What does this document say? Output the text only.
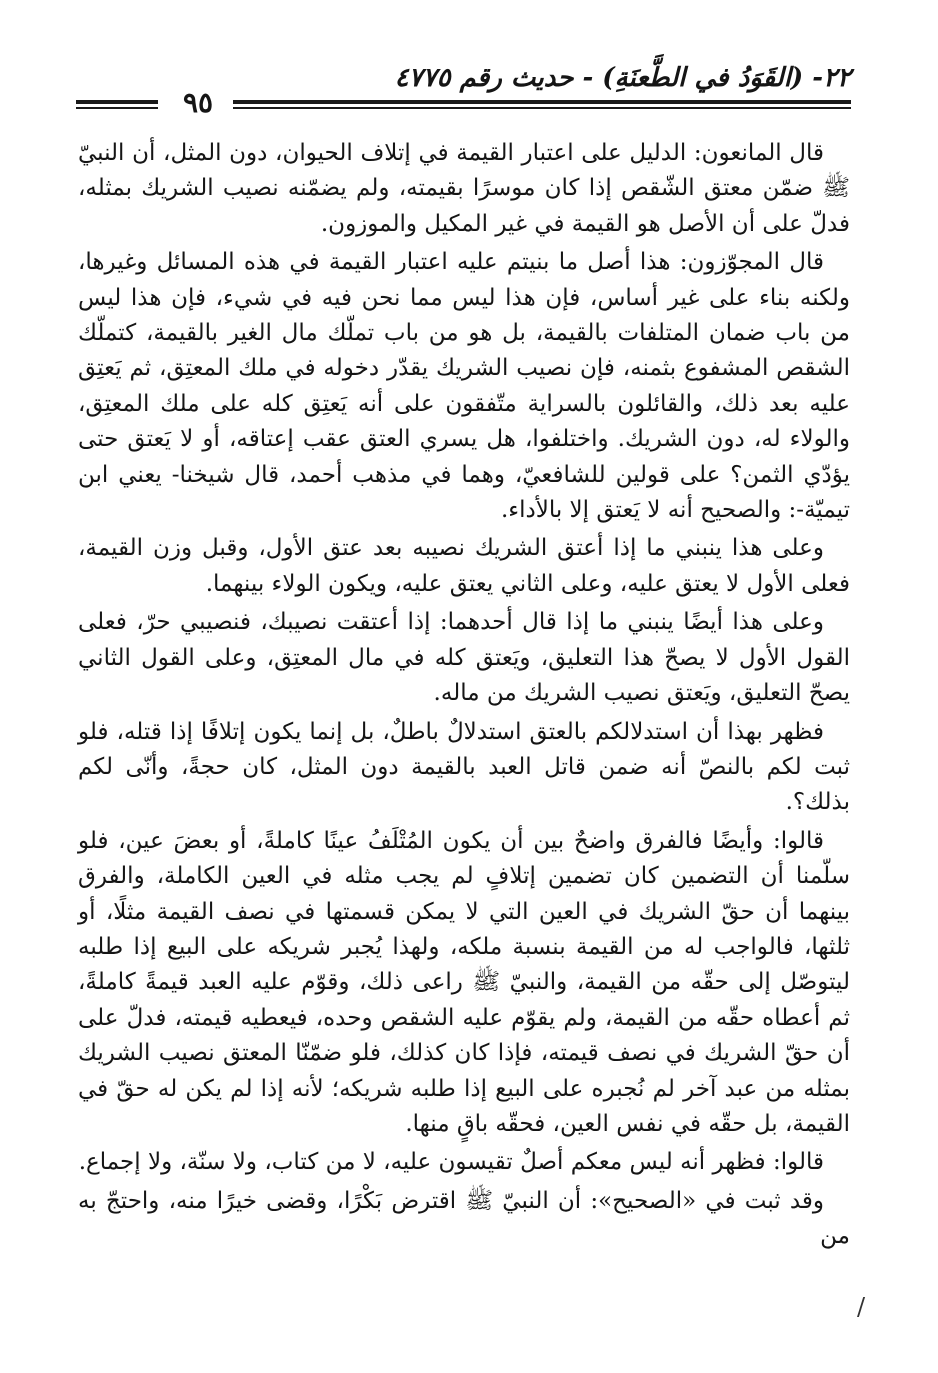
٢٢- (القَوَدُ في الطَّعنَةِ) - حديث رقم ٤٧٧٥
٩٥

قال المانعون: الدليل على اعتبار القيمة في إتلاف الحيوان، دون المثل، أن النبيّ ﷺ ضمّن معتق الشّقص إذا كان موسرًا بقيمته، ولم يضمّنه نصيب الشريك بمثله، فدلّ على أن الأصل هو القيمة في غير المكيل والموزون.

قال المجوّزون: هذا أصل ما بنيتم عليه اعتبار القيمة في هذه المسائل وغيرها، ولكنه بناء على غير أساس، فإن هذا ليس مما نحن فيه في شيء، فإن هذا ليس من باب ضمان المتلفات بالقيمة، بل هو من باب تملّك مال الغير بالقيمة، كتملّك الشقص المشفوع بثمنه، فإن نصيب الشريك يقدّر دخوله في ملك المعتِق، ثم يَعتِق عليه بعد ذلك، والقائلون بالسراية متّفقون على أنه يَعتِق كله على ملك المعتِق، والولاء له، دون الشريك. واختلفوا، هل يسري العتق عقب إعتاقه، أو لا يَعتق حتى يؤدّي الثمن؟ على قولين للشافعيّ، وهما في مذهب أحمد، قال شيخنا- يعني ابن تيميّة-: والصحيح أنه لا يَعتق إلا بالأداء.

وعلى هذا ينبني ما إذا أعتق الشريك نصيبه بعد عتق الأول، وقبل وزن القيمة، فعلى الأول لا يعتق عليه، وعلى الثاني يعتق عليه، ويكون الولاء بينهما.

وعلى هذا أيضًا ينبني ما إذا قال أحدهما: إذا أعتقت نصيبك، فنصيبي حرّ، فعلى القول الأول لا يصحّ هذا التعليق، ويَعتق كله في مال المعتِق، وعلى القول الثاني يصحّ التعليق، ويَعتق نصيب الشريك من ماله.

فظهر بهذا أن استدلالكم بالعتق استدلالٌ باطلٌ، بل إنما يكون إتلافًا إذا قتله، فلو ثبت لكم بالنصّ أنه ضمن قاتل العبد بالقيمة دون المثل، كان حجةً، وأنّى لكم بذلك؟.

قالوا: وأيضًا فالفرق واضحٌ بين أن يكون المُتْلَفُ عينًا كاملةً، أو بعضَ عين، فلو سلّمنا أن التضمين كان تضمين إتلافٍ لم يجب مثله في العين الكاملة، والفرق بينهما أن حقّ الشريك في العين التي لا يمكن قسمتها في نصف القيمة مثلًا، أو ثلثها، فالواجب له من القيمة بنسبة ملكه، ولهذا يُجبر شريكه على البيع إذا طلبه ليتوصّل إلى حقّه من القيمة، والنبيّ ﷺ راعى ذلك، وقوّم عليه العبد قيمةً كاملةً، ثم أعطاه حقّه من القيمة، ولم يقوّم عليه الشقص وحده، فيعطيه قيمته، فدلّ على أن حقّ الشريك في نصف قيمته، فإذا كان كذلك، فلو ضمّنّا المعتق نصيب الشريك بمثله من عبد آخر لم نُجبره على البيع إذا طلبه شريكه؛ لأنه إذا لم يكن له حقّ في القيمة، بل حقّه في نفس العين، فحقّه باقٍ منها.

قالوا: فظهر أنه ليس معكم أصلٌ تقيسون عليه، لا من كتاب، ولا سنّة، ولا إجماع.

وقد ثبت في «الصحيح»: أن النبيّ ﷺ اقترض بَكْرًا، وقضى خيرًا منه، واحتجّ به من

/
